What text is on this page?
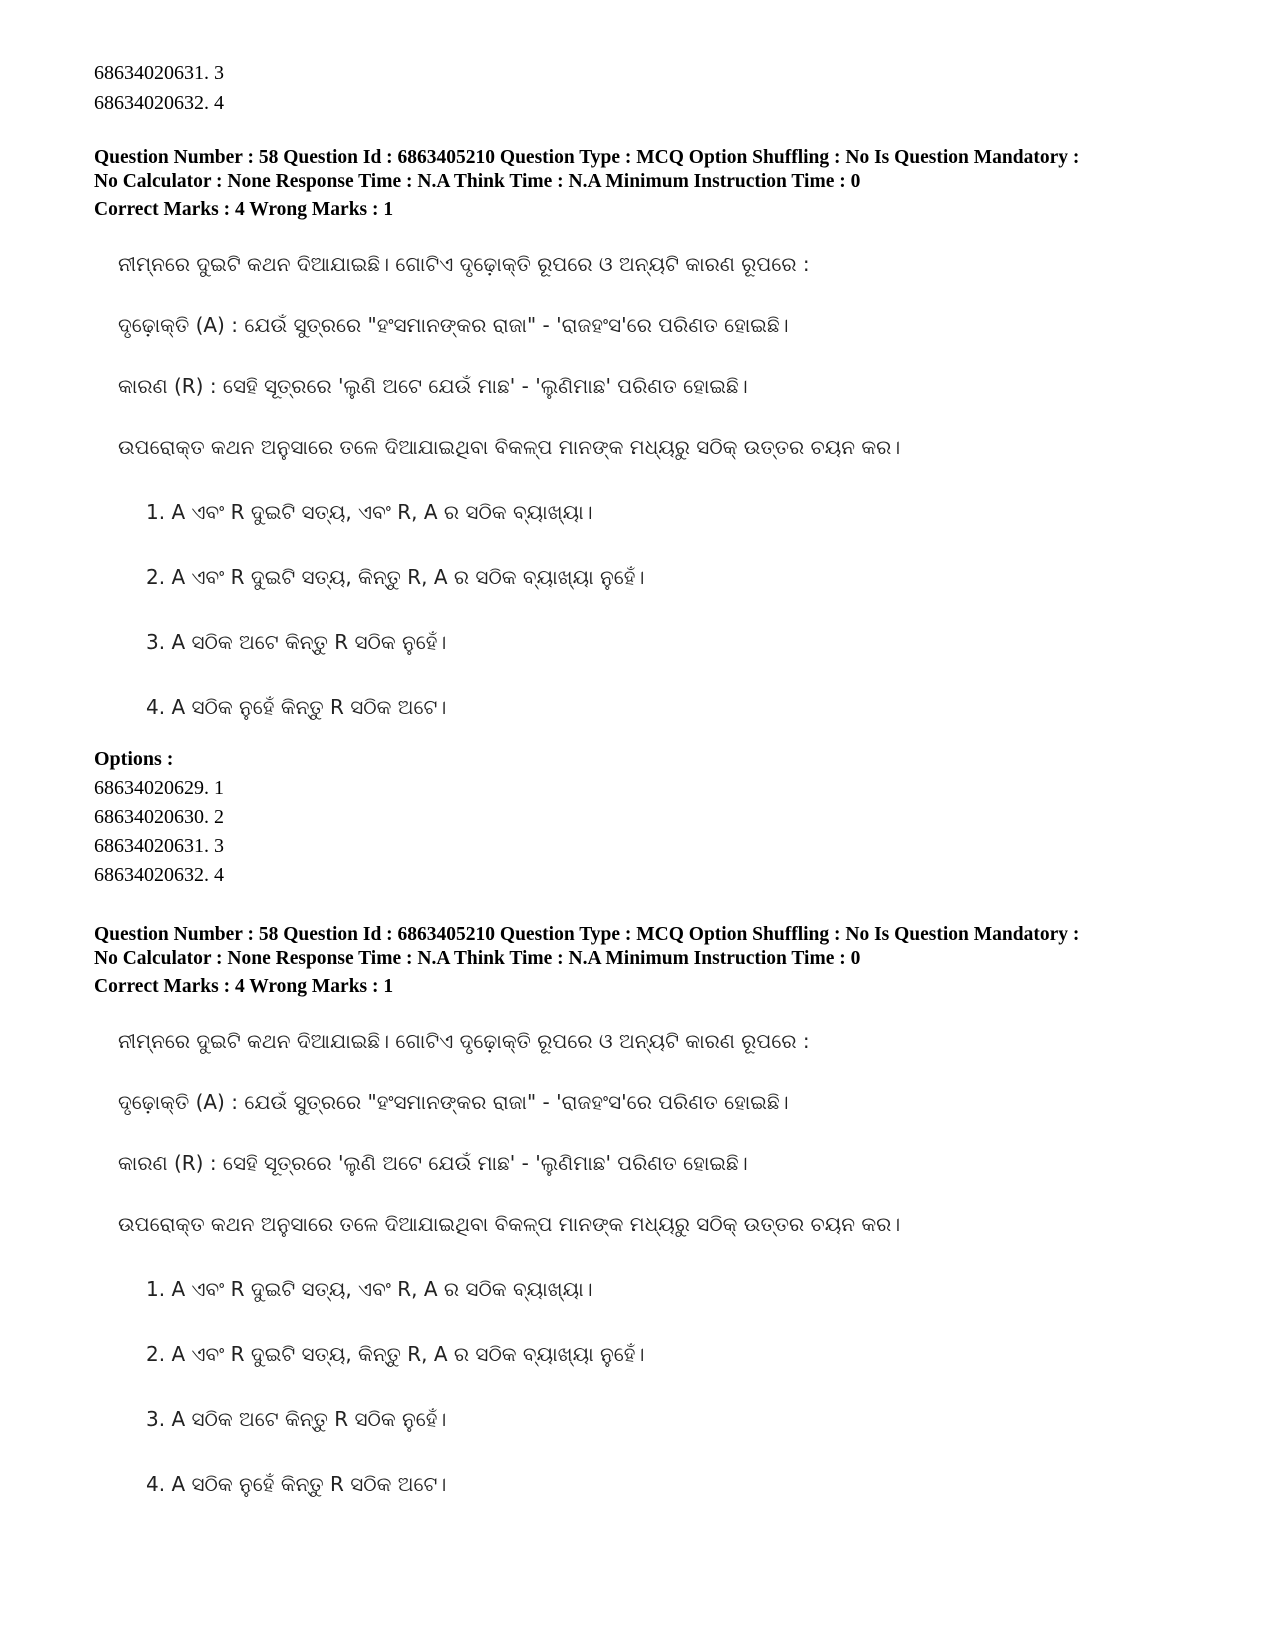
68634020631. 3
68634020632. 4
Question Number : 58 Question Id : 6863405210 Question Type : MCQ Option Shuffling : No Is Question Mandatory :
No Calculator : None Response Time : N.A Think Time : N.A Minimum Instruction Time : 0
Correct Marks : 4 Wrong Marks : 1
ନୀମ୍ନରେ ଦୁଇଟି କଥନ ଦିଆଯାଇଛି। ଗୋଟିଏ ଦୃଢ଼ୋକ୍ତି ରୂପରେ ଓ ଅନ୍ୟଟି କାରଣ ରୂପରେ :
ଦୃଢ଼ୋକ୍ତି (A) : ଯେଉଁ ସୁତ୍ରରେ "ହଂସମାନଙ୍କର ରାଜା" - 'ରାଜହଂସ'ରେ ପରିଣତ ହୋଇଛି।
କାରଣ (R) : ସେହି ସୂତ୍ରରେ 'ଲୁଣି ଅଟେ ଯେଉଁ ମାଛ' - 'ଲୁଣିମାଛ' ପରିଣତ ହୋଇଛି।
ଉପରୋକ୍ତ କଥନ ଅନୁସାରେ ତଳେ ଦିଆଯାଇଥିବା ବିକଳ୍ପ ମାନଙ୍କ ମଧ୍ୟରୁ ସଠିକ୍ ଉତ୍ତର ଚୟନ କର।
1. A ଏବଂ R ଦୁଇଟି ସତ୍ୟ, ଏବଂ R, A ର ସଠିକ ବ୍ୟାଖ୍ୟା।
2. A ଏବଂ R ଦୁଇଟି ସତ୍ୟ, କିନ୍ତୁ R, A ର ସଠିକ ବ୍ୟାଖ୍ୟା ନୁହେଁ।
3. A ସଠିକ ଅଟେ କିନ୍ତୁ R ସଠିକ ନୁହେଁ।
4. A ସଠିକ ନୁହେଁ କିନ୍ତୁ R ସଠିକ ଅଟେ।
Options :
68634020629. 1
68634020630. 2
68634020631. 3
68634020632. 4
Question Number : 58 Question Id : 6863405210 Question Type : MCQ Option Shuffling : No Is Question Mandatory :
No Calculator : None Response Time : N.A Think Time : N.A Minimum Instruction Time : 0
Correct Marks : 4 Wrong Marks : 1
ନୀମ୍ନରେ ଦୁଇଟି କଥନ ଦିଆଯାଇଛି। ଗୋଟିଏ ଦୃଢ଼ୋକ୍ତି ରୂପରେ ଓ ଅନ୍ୟଟି କାରଣ ରୂପରେ :
ଦୃଢ଼ୋକ୍ତି (A) : ଯେଉଁ ସୁତ୍ରରେ "ହଂସମାନଙ୍କର ରାଜା" - 'ରାଜହଂସ'ରେ ପରିଣତ ହୋଇଛି।
କାରଣ (R) : ସେହି ସୂତ୍ରରେ 'ଲୁଣି ଅଟେ ଯେଉଁ ମାଛ' - 'ଲୁଣିମାଛ' ପରିଣତ ହୋଇଛି।
ଉପରୋକ୍ତ କଥନ ଅନୁସାରେ ତଳେ ଦିଆଯାଇଥିବା ବିକଳ୍ପ ମାନଙ୍କ ମଧ୍ୟରୁ ସଠିକ୍ ଉତ୍ତର ଚୟନ କର।
1. A ଏବଂ R ଦୁଇଟି ସତ୍ୟ, ଏବଂ R, A ର ସଠିକ ବ୍ୟାଖ୍ୟା।
2. A ଏବଂ R ଦୁଇଟି ସତ୍ୟ, କିନ୍ତୁ R, A ର ସଠିକ ବ୍ୟାଖ୍ୟା ନୁହେଁ।
3. A ସଠିକ ଅଟେ କିନ୍ତୁ R ସଠିକ ନୁହେଁ।
4. A ସଠିକ ନୁହେଁ କିନ୍ତୁ R ସଠିକ ଅଟେ।
